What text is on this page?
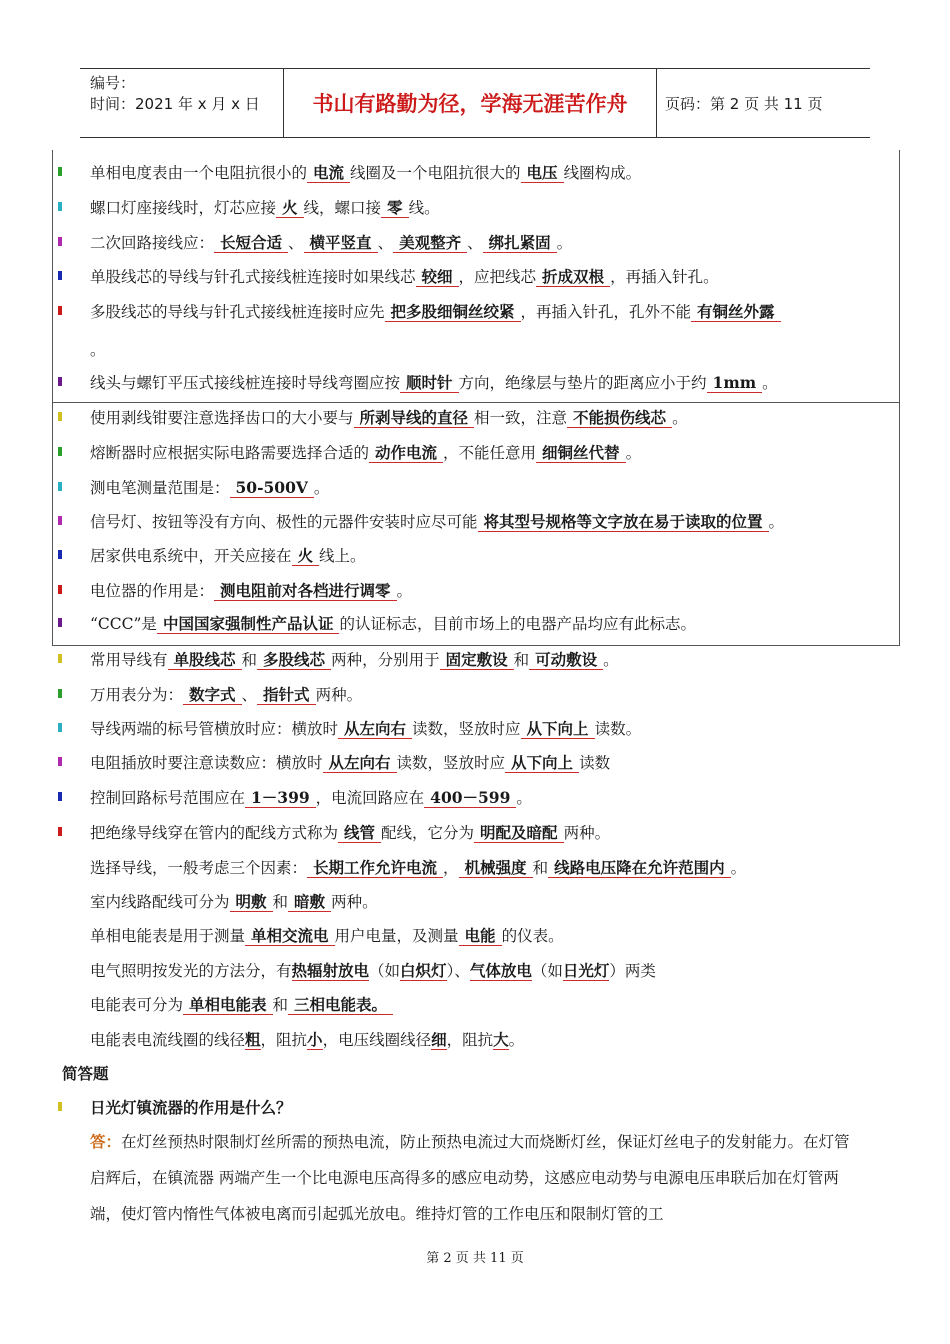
编号：
时间：2021 年 x 月 x 日	书山有路勤为径，学海无涯苦作舟	页码：第 2 页 共 11 页
单相电度表由一个电阻抗很小的 电流 线圈及一个电阻抗很大的 电压 线圈构成。
螺口灯座接线时，灯芯应接 火 线，螺口接 零 线。
二次回路接线应： 长短合适 、 横平竖直 、 美观整齐 、 绑扎紧固 。
单股线芯的导线与针孔式接线桩连接时如果线芯 较细 ，应把线芯 折成双根 ，再插入针孔。
多股线芯的导线与针孔式接线桩连接时应先 把多股细铜丝绞紧 ，再插入针孔，孔外不能 有铜丝外露
。
线头与螺钉平压式接线桩连接时导线弯圈应按 顺时针 方向，绝缘层与垫片的距离应小于约 1mm 。
使用剥线钳要注意选择齿口的大小要与 所剥导线的直径 相一致，注意 不能损伤线芯 。
熔断器时应根据实际电路需要选择合适的 动作电流 ，不能任意用 细铜丝代替 。
测电笔测量范围是： 50-500V 。
信号灯、按钮等没有方向、极性的元器件安装时应尽可能 将其型号规格等文字放在易于读取的位置 。
居家供电系统中，开关应接在 火 线上。
电位器的作用是： 测电阻前对各档进行调零 。
“CCC”是 中国国家强制性产品认证 的认证标志，目前市场上的电器产品均应有此标志。
常用导线有 单股线芯 和 多股线芯 两种，分别用于 固定敷设 和 可动敷设 。
万用表分为： 数字式 、 指针式 两种。
导线两端的标号管横放时应：横放时 从左向右 读数，竖放时应 从下向上 读数。
电阻插放时要注意读数应：横放时 从左向右 读数，竖放时应 从下向上 读数
控制回路标号范围应在 1－399 ，电流回路应在 400－599 。
把绝缘导线穿在管内的配线方式称为 线管 配线，它分为 明配及暗配 两种。
选择导线，一般考虑三个因素： 长期工作允许电流 ， 机械强度 和 线路电压降在允许范围内 。
室内线路配线可分为 明敷 和 暗敷 两种。
单相电能表是用于测量 单相交流电 用户电量，及测量 电能 的仪表。
电气照明按发光的方法分，有热辐射放电（如白炽灯）、气体放电（如日光灯）两类
电能表可分为 单相电能表 和 三相电能表。
电能表电流线圈的线径粗，阻抗小，电压线圈线径细，阻抗大。
简答题
日光灯镇流器的作用是什么？
答：在灯丝预热时限制灯丝所需的预热电流，防止预热电流过大而烧断灯丝，保证灯丝电子的发射能力。在灯管启辉后，在镇流器 两端产生一个比电源电压高得多的感应电动势，这感应电动势与电源电压串联后加在灯管两端，使灯管内惰性气体被电离而引起弧光放电。维持灯管的工作电压和限制灯管的工
第 2 页 共 11 页
